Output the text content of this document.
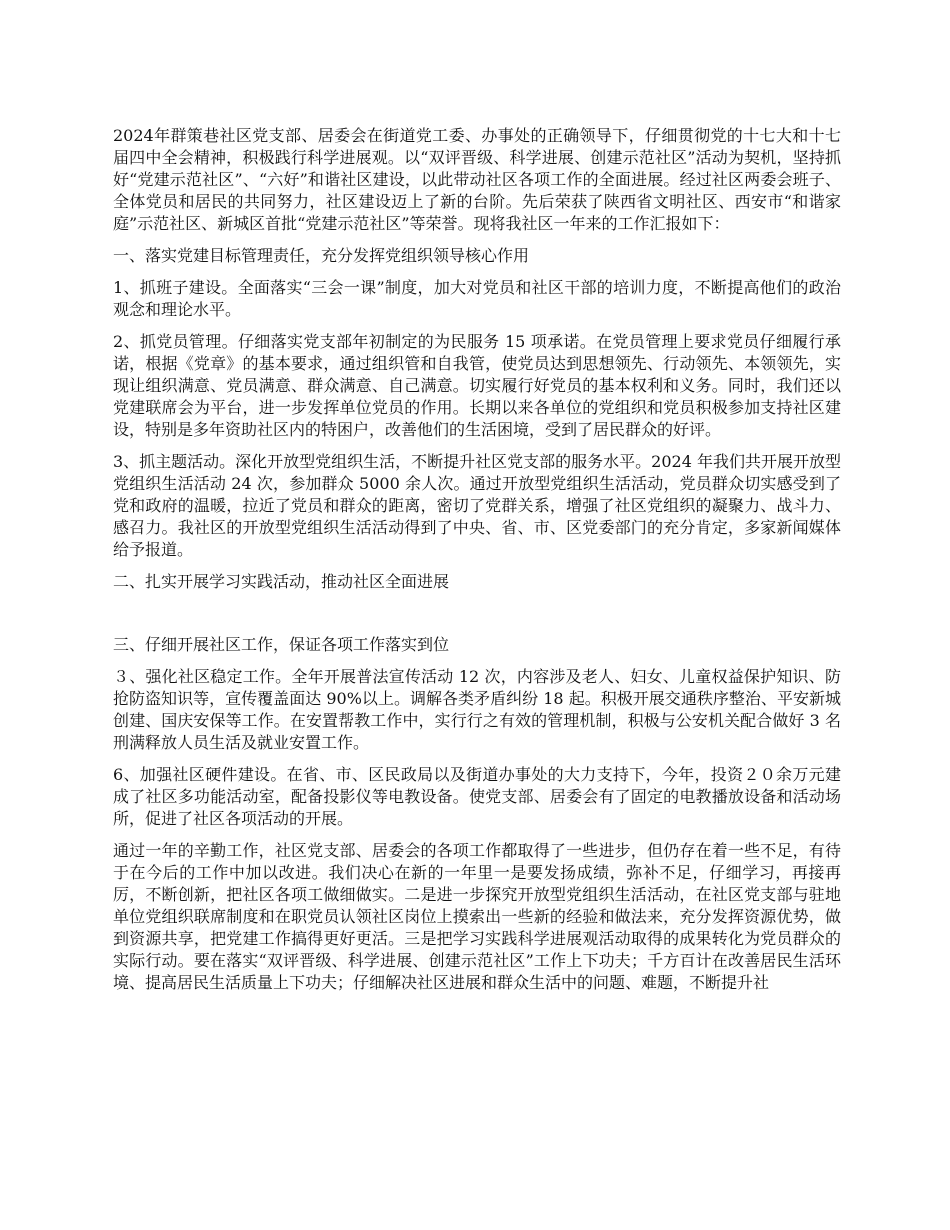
2024年群策巷社区党支部、居委会在街道党工委、办事处的正确领导下，仔细贯彻党的十七大和十七届四中全会精神，积极践行科学进展观。以“双评晋级、科学进展、创建示范社区”活动为契机，坚持抓好“党建示范社区”、“六好”和谐社区建设，以此带动社区各项工作的全面进展。经过社区两委会班子、全体党员和居民的共同努力，社区建设迈上了新的台阶。先后荣获了陕西省文明社区、西安市“和谐家庭”示范社区、新城区首批“党建示范社区”等荣誉。现将我社区一年来的工作汇报如下：

一、落实党建目标管理责任，充分发挥党组织领导核心作用

1、抓班子建设。全面落实“三会一课”制度，加大对党员和社区干部的培训力度，不断提高他们的政治观念和理论水平。

2、抓党员管理。仔细落实党支部年初制定的为民服务 15 项承诺。在党员管理上要求党员仔细履行承诺，根据《党章》的基本要求，通过组织管和自我管，使党员达到思想领先、行动领先、本领领先，实现让组织满意、党员满意、群众满意、自己满意。切实履行好党员的基本权利和义务。同时，我们还以党建联席会为平台，进一步发挥单位党员的作用。长期以来各单位的党组织和党员积极参加支持社区建设，特别是多年资助社区内的特困户，改善他们的生活困境，受到了居民群众的好评。

3、抓主题活动。深化开放型党组织生活，不断提升社区党支部的服务水平。2024 年我们共开展开放型党组织生活活动 24 次，参加群众 5000 余人次。通过开放型党组织生活活动，党员群众切实感受到了党和政府的温暖，拉近了党员和群众的距离，密切了党群关系，增强了社区党组织的凝聚力、战斗力、感召力。我社区的开放型党组织生活活动得到了中央、省、市、区党委部门的充分肯定，多家新闻媒体给予报道。

二、扎实开展学习实践活动，推动社区全面进展

三、仔细开展社区工作，保证各项工作落实到位

３、强化社区稳定工作。全年开展普法宣传活动 12 次，内容涉及老人、妇女、儿童权益保护知识、防抢防盗知识等，宣传覆盖面达 90%以上。调解各类矛盾纠纷 18 起。积极开展交通秩序整治、平安新城创建、国庆安保等工作。在安置帮教工作中，实行行之有效的管理机制，积极与公安机关配合做好 3 名刑满释放人员生活及就业安置工作。

6、加强社区硬件建设。在省、市、区民政局以及街道办事处的大力支持下，今年，投资２０余万元建成了社区多功能活动室，配备投影仪等电教设备。使党支部、居委会有了固定的电教播放设备和活动场所，促进了社区各项活动的开展。

通过一年的辛勤工作，社区党支部、居委会的各项工作都取得了一些进步，但仍存在着一些不足，有待于在今后的工作中加以改进。我们决心在新的一年里一是要发扬成绩，弥补不足，仔细学习，再接再厉，不断创新，把社区各项工做细做实。二是进一步探究开放型党组织生活活动，在社区党支部与驻地单位党组织联席制度和在职党员认领社区岗位上摸索出一些新的经验和做法来，充分发挥资源优势，做到资源共享，把党建工作搞得更好更活。三是把学习实践科学进展观活动取得的成果转化为党员群众的实际行动。要在落实“双评晋级、科学进展、创建示范社区”工作上下功夫；千方百计在改善居民生活环境、提高居民生活质量上下功夫；仔细解决社区进展和群众生活中的问题、难题，不断提升社
